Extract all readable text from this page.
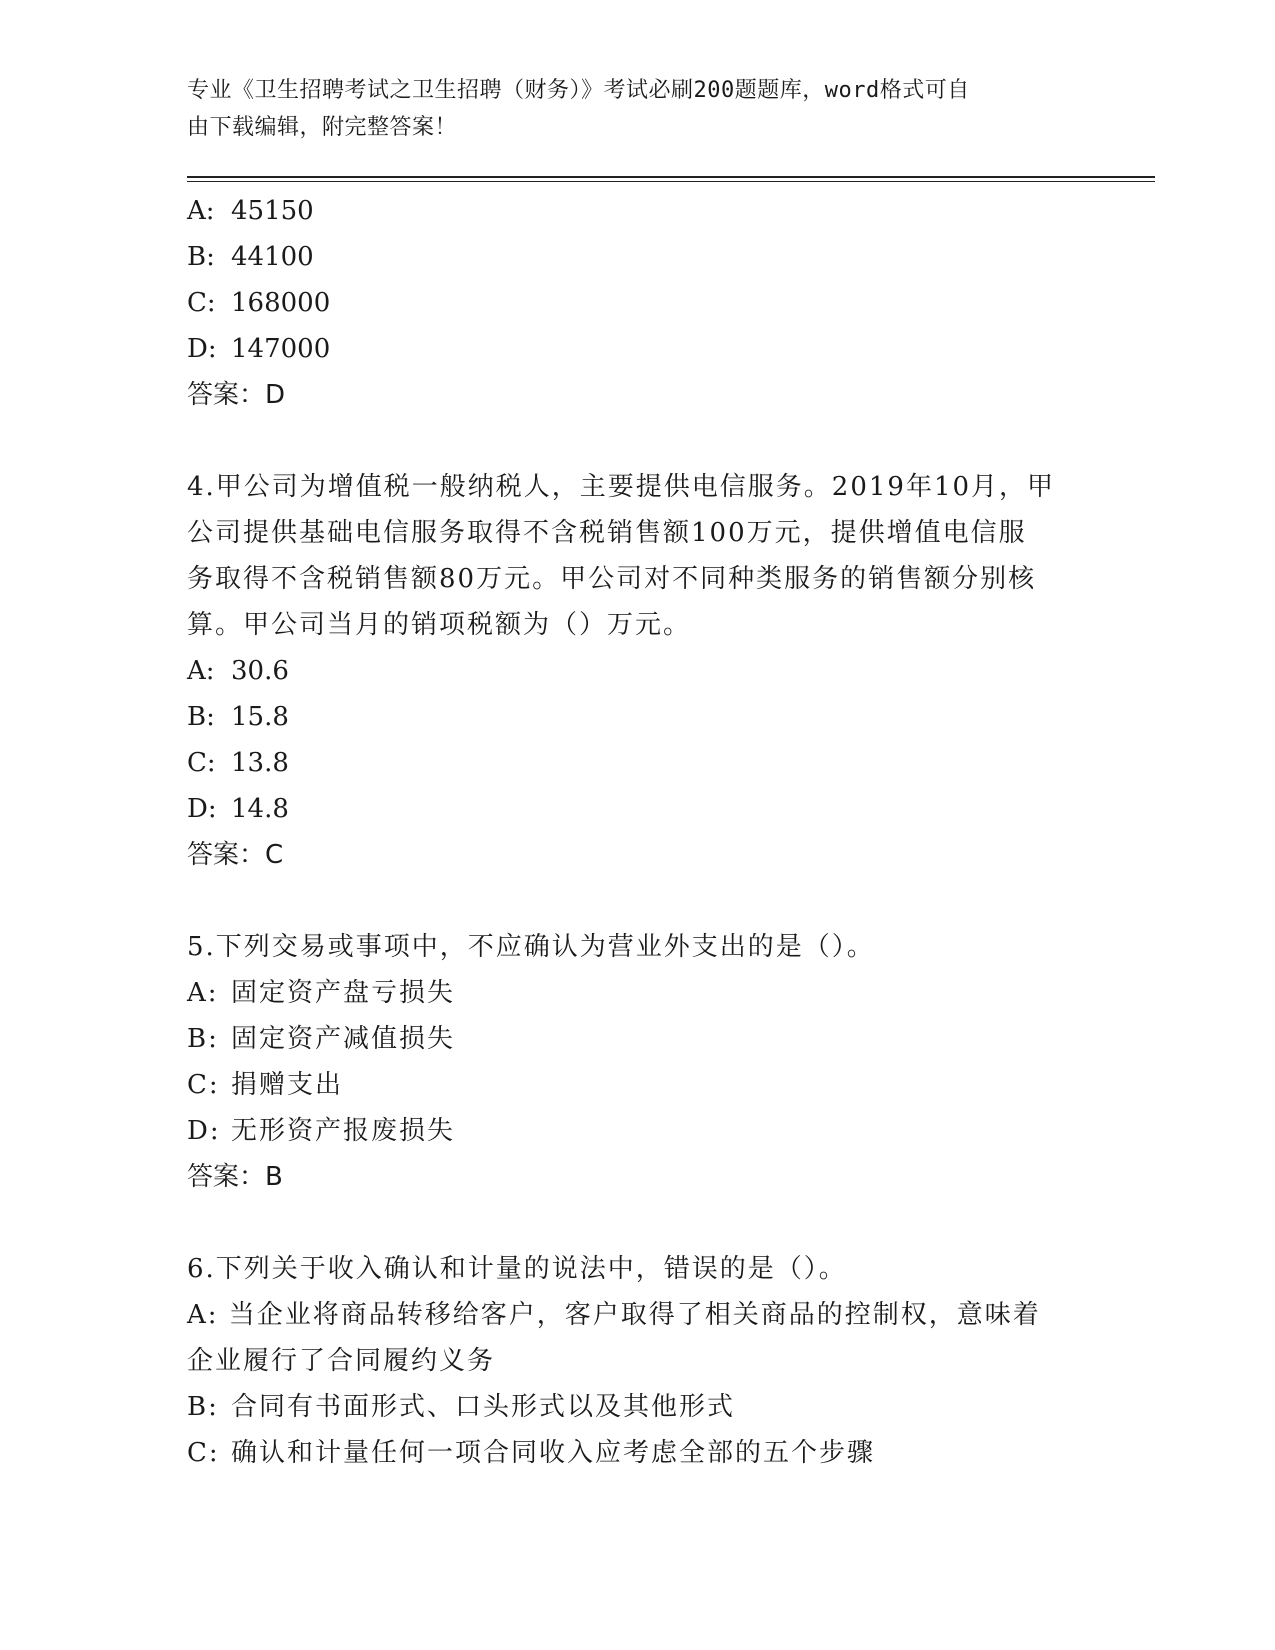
专业《卫生招聘考试之卫生招聘（财务）》考试必刷200题题库，word格式可自
由下载编辑，附完整答案！
A: 45150
B: 44100
C: 168000
D: 147000
答案：D
4.甲公司为增值税一般纳税人，主要提供电信服务。2019年10月，甲
公司提供基础电信服务取得不含税销售额100万元，提供增值电信服
务取得不含税销售额80万元。甲公司对不同种类服务的销售额分别核
算。甲公司当月的销项税额为（）万元。
A: 30.6
B: 15.8
C: 13.8
D: 14.8
答案：C
5.下列交易或事项中，不应确认为营业外支出的是（）。
A: 固定资产盘亏损失
B: 固定资产减值损失
C: 捐赠支出
D: 无形资产报废损失
答案：B
6.下列关于收入确认和计量的说法中，错误的是（）。
A: 当企业将商品转移给客户，客户取得了相关商品的控制权，意味着
企业履行了合同履约义务
B: 合同有书面形式、口头形式以及其他形式
C: 确认和计量任何一项合同收入应考虑全部的五个步骤
